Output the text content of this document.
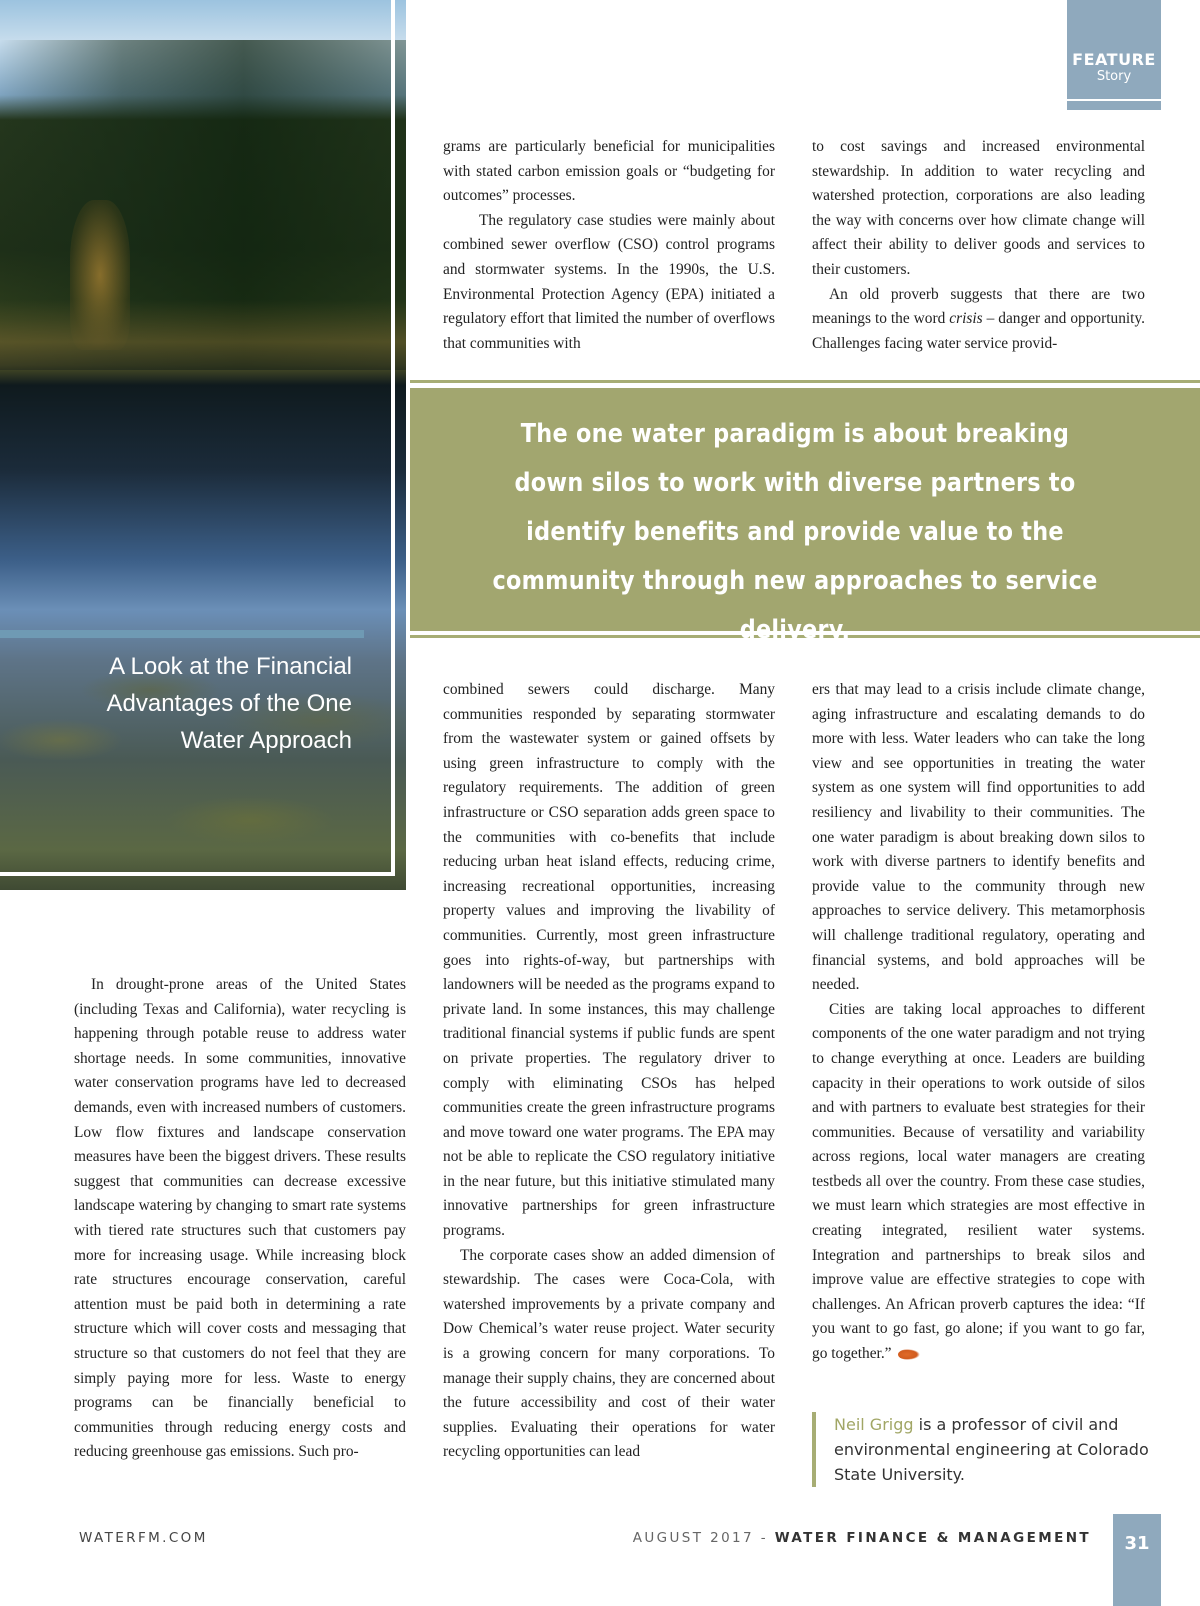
A Look at the Financial
Advantages of the One
Water Approach
FEATURE
Story

grams are particularly beneficial for municipalities with stated carbon emission goals or “budgeting for outcomes” processes.

The regulatory case studies were mainly about combined sewer overflow (CSO) control programs and stormwater systems. In the 1990s, the U.S. Environmental Protection Agency (EPA) initiated a regulatory effort that limited the number of overflows that communities with

to cost savings and increased environmental stewardship. In addition to water recycling and watershed protection, corporations are also leading the way with concerns over how climate change will affect their ability to deliver goods and services to their customers.

An old proverb suggests that there are two meanings to the word crisis – danger and opportunity. Challenges facing water service provid-

The one water paradigm is about breaking down silos to work with diverse partners to identify benefits and provide value to the community through new approaches to service delivery.

In drought-prone areas of the United States (including Texas and California), water recycling is happening through potable reuse to address water shortage needs. In some communities, innovative water conservation programs have led to decreased demands, even with increased numbers of customers. Low flow fixtures and landscape conservation measures have been the biggest drivers. These results suggest that communities can decrease excessive landscape watering by changing to smart rate systems with tiered rate structures such that customers pay more for increasing usage. While increasing block rate structures encourage conservation, careful attention must be paid both in determining a rate structure which will cover costs and messaging that structure so that customers do not feel that they are simply paying more for less. Waste to energy programs can be financially beneficial to communities through reducing energy costs and reducing greenhouse gas emissions. Such pro-

combined sewers could discharge. Many communities responded by separating stormwater from the wastewater system or gained offsets by using green infrastructure to comply with the regulatory requirements. The addition of green infrastructure or CSO separation adds green space to the communities with co-benefits that include reducing urban heat island effects, reducing crime, increasing recreational opportunities, increasing property values and improving the livability of communities. Currently, most green infrastructure goes into rights-of-way, but partnerships with landowners will be needed as the programs expand to private land. In some instances, this may challenge traditional financial systems if public funds are spent on private properties. The regulatory driver to comply with eliminating CSOs has helped communities create the green infrastructure programs and move toward one water programs. The EPA may not be able to replicate the CSO regulatory initiative in the near future, but this initiative stimulated many innovative partnerships for green infrastructure programs.

The corporate cases show an added dimension of stewardship. The cases were Coca-Cola, with watershed improvements by a private company and Dow Chemical’s water reuse project. Water security is a growing concern for many corporations. To manage their supply chains, they are concerned about the future accessibility and cost of their water supplies. Evaluating their operations for water recycling opportunities can lead

ers that may lead to a crisis include climate change, aging infrastructure and escalating demands to do more with less. Water leaders who can take the long view and see opportunities in treating the water system as one system will find opportunities to add resiliency and livability to their communities. The one water paradigm is about breaking down silos to work with diverse partners to identify benefits and provide value to the community through new approaches to service delivery. This metamorphosis will challenge traditional regulatory, operating and financial systems, and bold approaches will be needed.

Cities are taking local approaches to different components of the one water paradigm and not trying to change everything at once. Leaders are building capacity in their operations to work outside of silos and with partners to evaluate best strategies for their communities. Because of versatility and variability across regions, local water managers are creating testbeds all over the country. From these case studies, we must learn which strategies are most effective in creating integrated, resilient water systems. Integration and partnerships to break silos and improve value are effective strategies to cope with challenges. An African proverb captures the idea: “If you want to go fast, go alone; if you want to go far, go together.”

Neil Grigg is a professor of civil and environmental engineering at Colorado State University.
WATERFM.COM	AUGUST 2017 - WATER FINANCE & MANAGEMENT	31
